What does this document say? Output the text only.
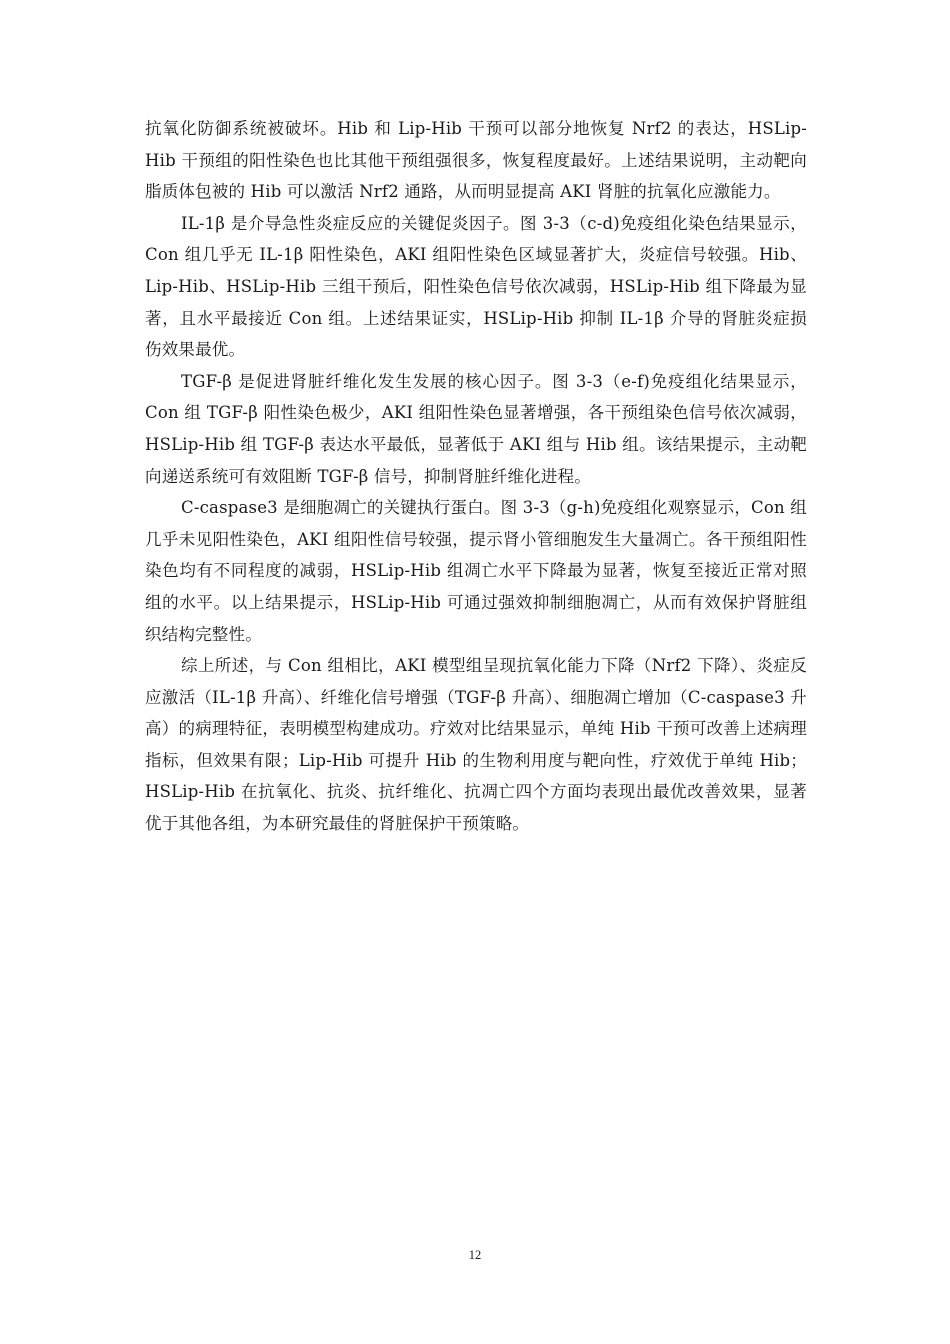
抗氧化防御系统被破坏。Hib 和 Lip-Hib 干预可以部分地恢复 Nrf2 的表达，HSLip-Hib 干预组的阳性染色也比其他干预组强很多，恢复程度最好。上述结果说明，主动靶向脂质体包被的 Hib 可以激活 Nrf2 通路，从而明显提高 AKI 肾脏的抗氧化应激能力。

IL-1β 是介导急性炎症反应的关键促炎因子。图 3-3（c-d)免疫组化染色结果显示，Con 组几乎无 IL-1β 阳性染色，AKI 组阳性染色区域显著扩大，炎症信号较强。Hib、Lip-Hib、HSLip-Hib 三组干预后，阳性染色信号依次减弱，HSLip-Hib 组下降最为显著，且水平最接近 Con 组。上述结果证实，HSLip-Hib 抑制 IL-1β 介导的肾脏炎症损伤效果最优。

TGF-β 是促进肾脏纤维化发生发展的核心因子。图 3-3（e-f)免疫组化结果显示，Con 组 TGF-β 阳性染色极少，AKI 组阳性染色显著增强，各干预组染色信号依次减弱，HSLip-Hib 组 TGF-β 表达水平最低，显著低于 AKI 组与 Hib 组。该结果提示，主动靶向递送系统可有效阻断 TGF-β 信号，抑制肾脏纤维化进程。

C-caspase3 是细胞凋亡的关键执行蛋白。图 3-3（g-h)免疫组化观察显示，Con 组几乎未见阳性染色，AKI 组阳性信号较强，提示肾小管细胞发生大量凋亡。各干预组阳性染色均有不同程度的减弱，HSLip-Hib 组凋亡水平下降最为显著，恢复至接近正常对照组的水平。以上结果提示，HSLip-Hib 可通过强效抑制细胞凋亡，从而有效保护肾脏组织结构完整性。

综上所述，与 Con 组相比，AKI 模型组呈现抗氧化能力下降（Nrf2 下降）、炎症反应激活（IL-1β 升高）、纤维化信号增强（TGF-β 升高）、细胞凋亡增加（C-caspase3 升高）的病理特征，表明模型构建成功。疗效对比结果显示，单纯 Hib 干预可改善上述病理指标，但效果有限；Lip-Hib 可提升 Hib 的生物利用度与靶向性，疗效优于单纯 Hib；HSLip-Hib 在抗氧化、抗炎、抗纤维化、抗凋亡四个方面均表现出最优改善效果，显著优于其他各组，为本研究最佳的肾脏保护干预策略。

12
